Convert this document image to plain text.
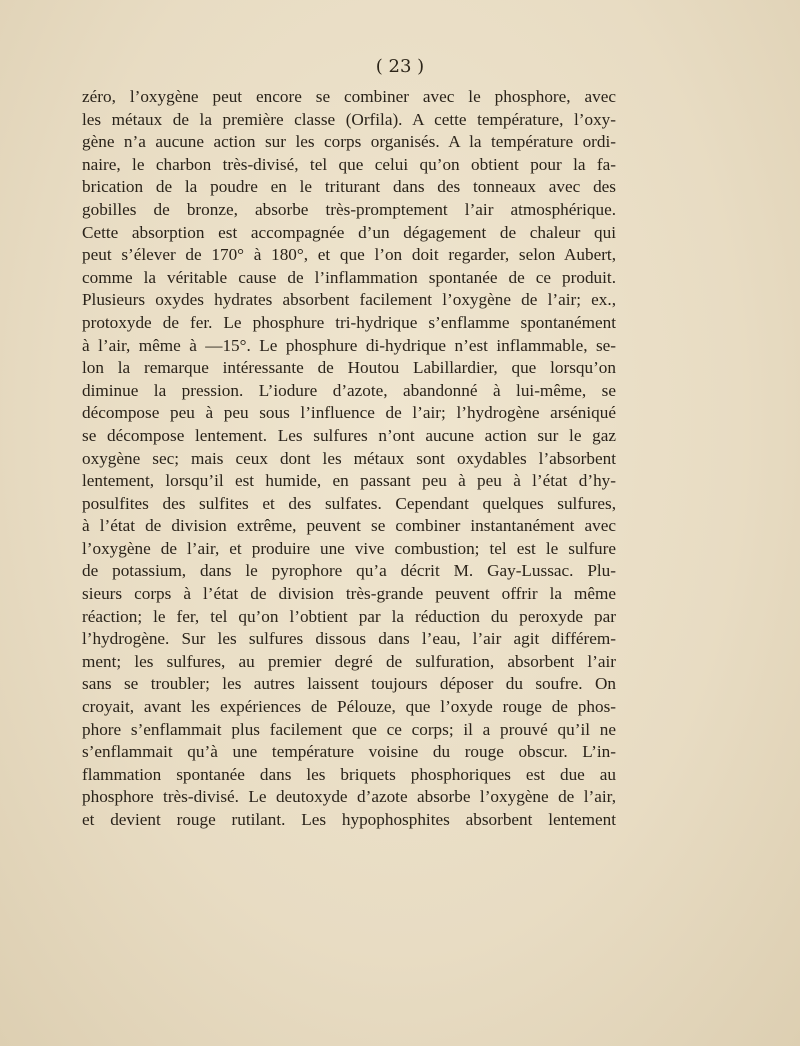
( 23 )
zéro, l’oxygène peut encore se combiner avec le phosphore, avec
les métaux de la première classe (Orfila). A cette température, l’oxy-
gène n’a aucune action sur les corps organisés. A la température ordi-
naire, le charbon très-divisé, tel que celui qu’on obtient pour la fa-
brication de la poudre en le triturant dans des tonneaux avec des
gobilles de bronze, absorbe très-promptement l’air atmosphérique.
Cette absorption est accompagnée d’un dégagement de chaleur qui
peut s’élever de 170° à 180°, et que l’on doit regarder, selon Aubert,
comme la véritable cause de l’inflammation spontanée de ce produit.
Plusieurs oxydes hydrates absorbent facilement l’oxygène de l’air; ex.,
protoxyde de fer. Le phosphure tri-hydrique s’enflamme spontanément
à l’air, même à —15°. Le phosphure di-hydrique n’est inflammable, se-
lon la remarque intéressante de Houtou Labillardier, que lorsqu’on
diminue la pression. L’iodure d’azote, abandonné à lui-même, se
décompose peu à peu sous l’influence de l’air; l’hydrogène arséniqué
se décompose lentement. Les sulfures n’ont aucune action sur le gaz
oxygène sec; mais ceux dont les métaux sont oxydables l’absorbent
lentement, lorsqu’il est humide, en passant peu à peu à l’état d’hy-
posulfites des sulfites et des sulfates. Cependant quelques sulfures,
à l’état de division extrême, peuvent se combiner instantanément avec
l’oxygène de l’air, et produire une vive combustion; tel est le sulfure
de potassium, dans le pyrophore qu’a décrit M. Gay-Lussac. Plu-
sieurs corps à l’état de division très-grande peuvent offrir la même
réaction; le fer, tel qu’on l’obtient par la réduction du peroxyde par
l’hydrogène. Sur les sulfures dissous dans l’eau, l’air agit différem-
ment; les sulfures, au premier degré de sulfuration, absorbent l’air
sans se troubler; les autres laissent toujours déposer du soufre. On
croyait, avant les expériences de Pélouze, que l’oxyde rouge de phos-
phore s’enflammait plus facilement que ce corps; il a prouvé qu’il ne
s’enflammait qu’à une température voisine du rouge obscur. L’in-
flammation spontanée dans les briquets phosphoriques est due au
phosphore très-divisé. Le deutoxyde d’azote absorbe l’oxygène de l’air,
et devient rouge rutilant. Les hypophosphites absorbent lentement
